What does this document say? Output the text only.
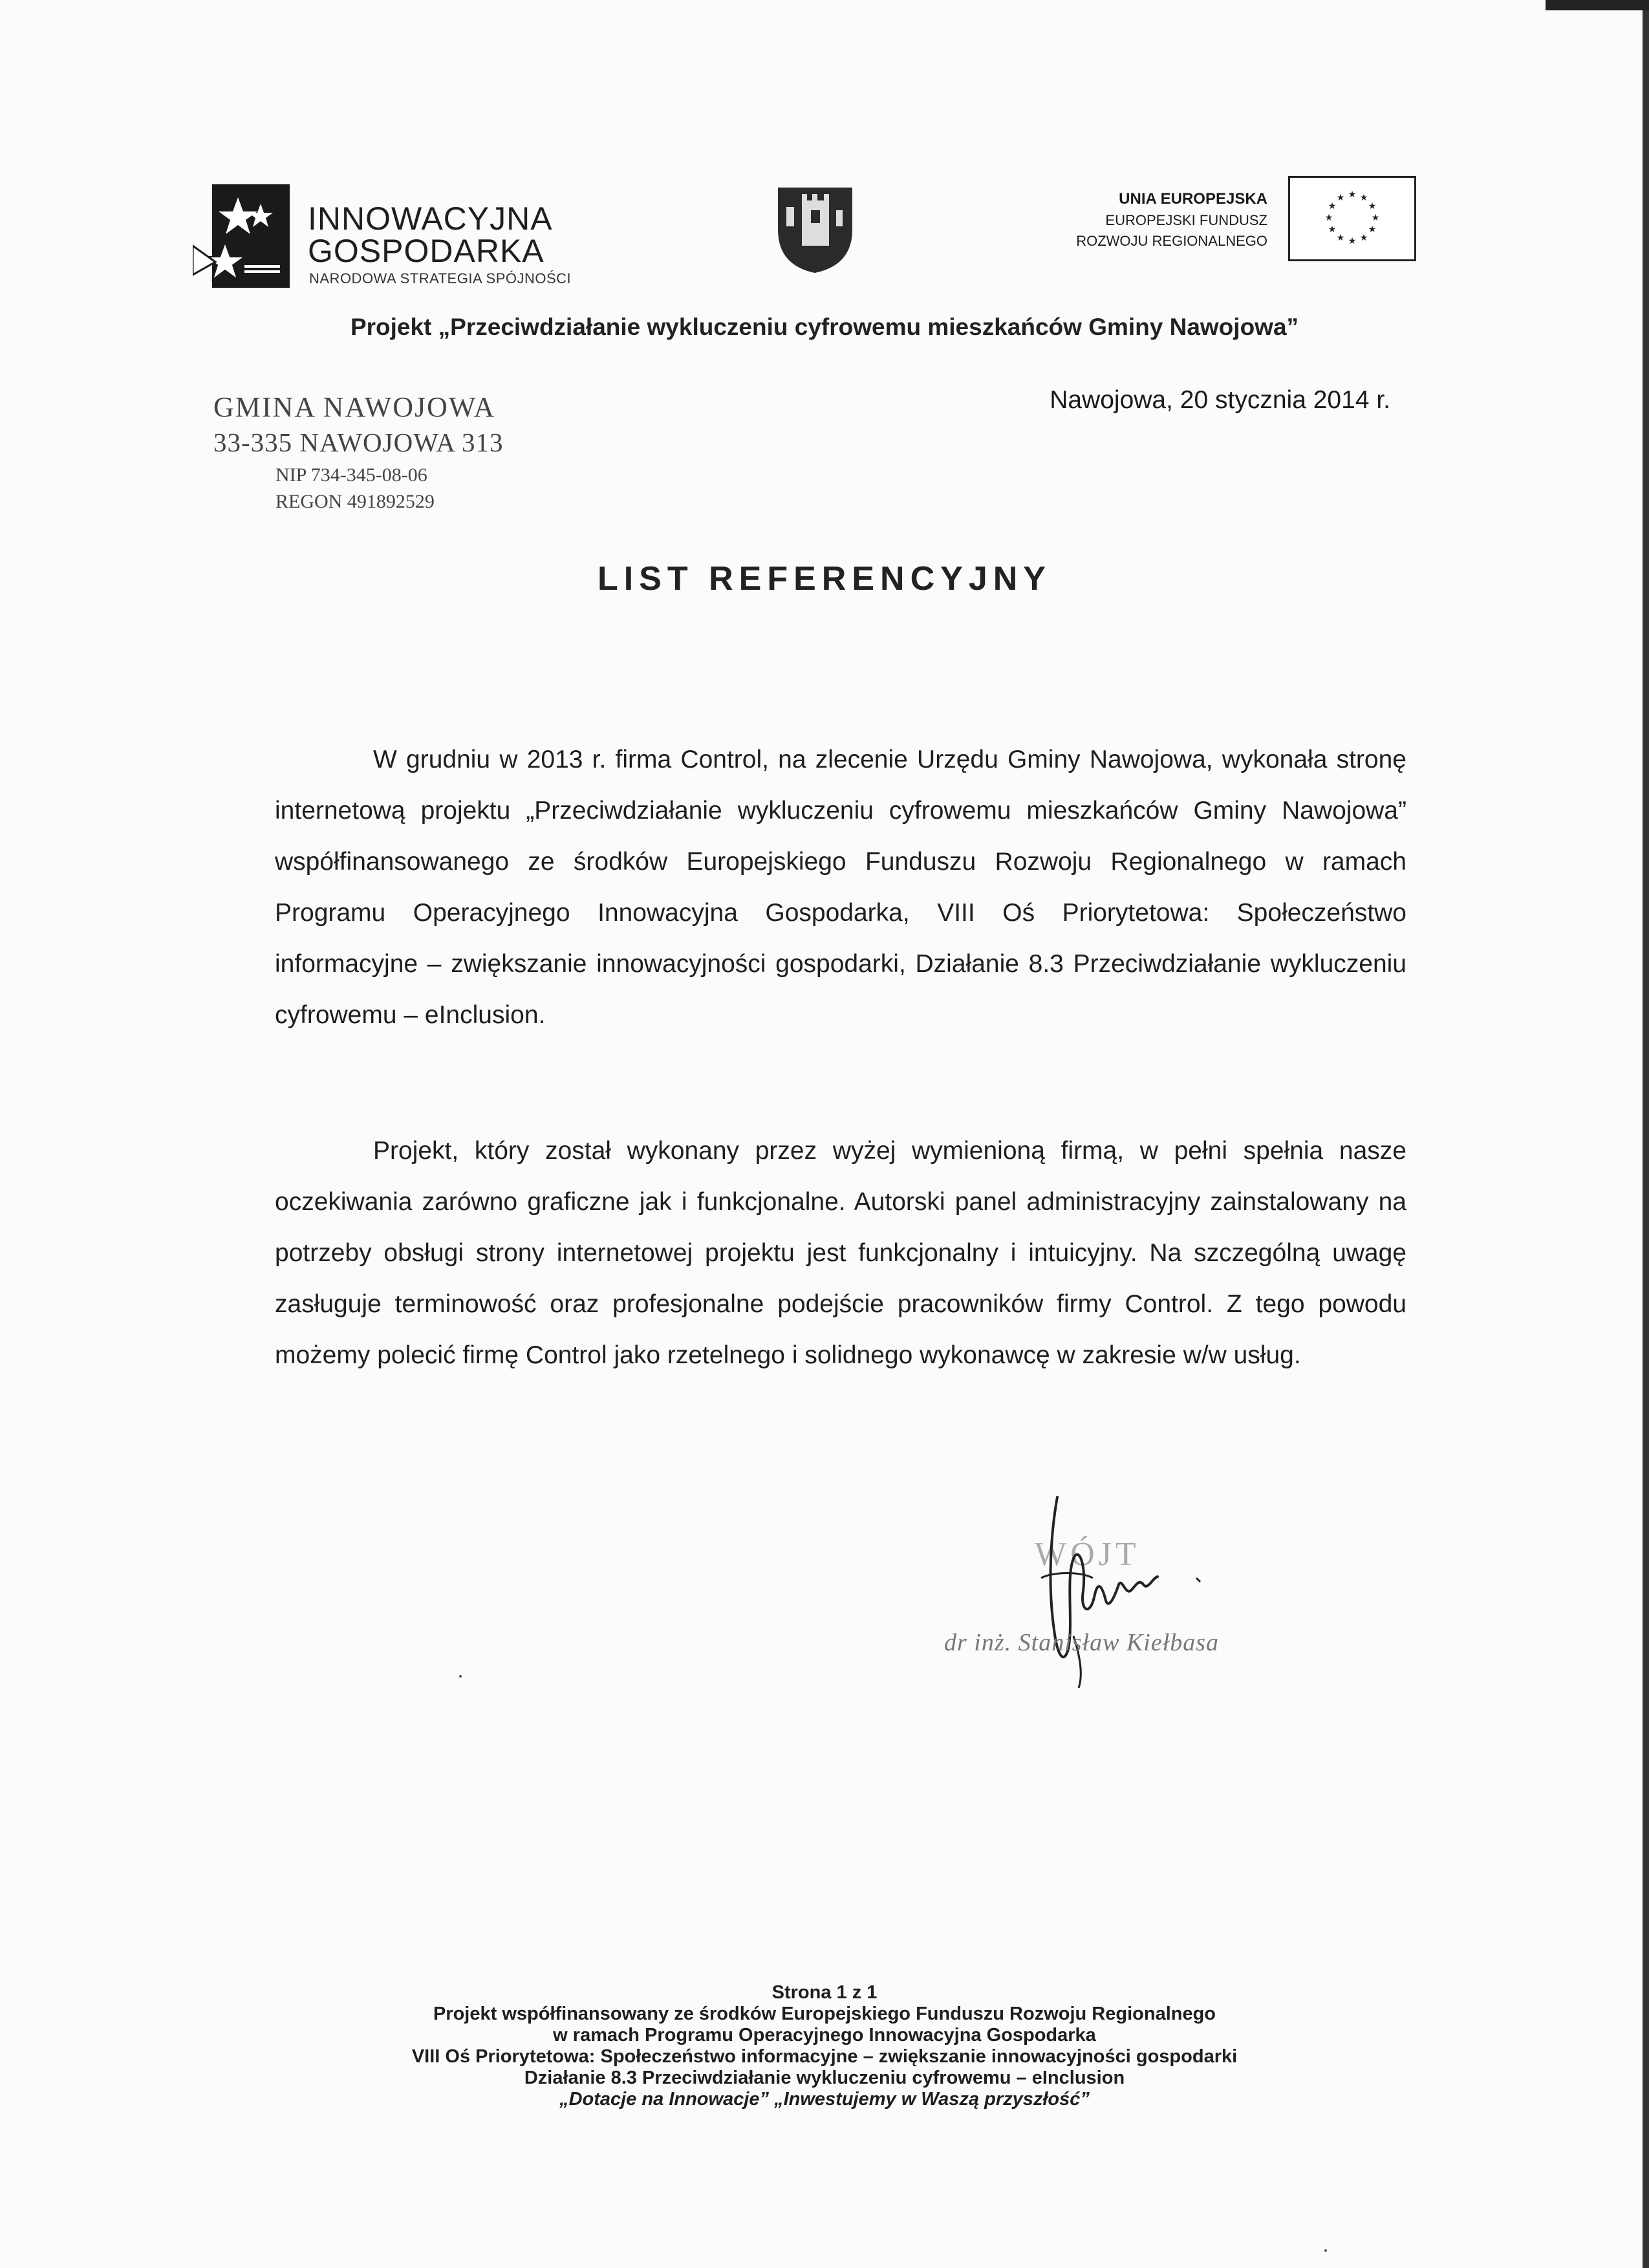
INNOWACYJNA
GOSPODARKA
NARODOWA STRATEGIA SPÓJNOŚCI
UNIA EUROPEJSKA
EUROPEJSKI FUNDUSZ
ROZWOJU REGIONALNEGO
★ ★
★
★
★
★
★
★
★
★
★
★
Projekt „Przeciwdziałanie wykluczeniu cyfrowemu mieszkańców Gminy Nawojowa”
GMINA NAWOJOWA
33-335 NAWOJOWA 313
NIP 734-345-08-06
REGON 491892529
Nawojowa, 20 stycznia 2014 r.
LIST REFERENCYJNY
W grudniu w 2013 r. firma Control, na zlecenie Urzędu Gminy Nawojowa, wykonała stronę internetową projektu „Przeciwdziałanie wykluczeniu cyfrowemu mieszkańców Gminy Nawojowa” współfinansowanego ze środków Europejskiego Funduszu Rozwoju Regionalnego w ramach Programu Operacyjnego Innowacyjna Gospodarka, VIII Oś Priorytetowa: Społeczeństwo informacyjne – zwiększanie innowacyjności gospodarki, Działanie 8.3 Przeciwdziałanie wykluczeniu cyfrowemu – eInclusion.
Projekt, który został wykonany przez wyżej wymienioną firmą, w pełni spełnia nasze oczekiwania zarówno graficzne jak i funkcjonalne. Autorski panel administracyjny zainstalowany na potrzeby obsługi strony internetowej projektu jest funkcjonalny i intuicyjny. Na szczególną uwagę zasługuje terminowość oraz profesjonalne podejście pracowników firmy Control. Z tego powodu możemy polecić firmę Control jako rzetelnego i solidnego wykonawcę w zakresie w/w usług.
WÓJT
dr inż. Stanisław Kiełbasa
Strona 1 z 1
Projekt współfinansowany ze środków Europejskiego Funduszu Rozwoju Regionalnego
w ramach Programu Operacyjnego Innowacyjna Gospodarka
VIII Oś Priorytetowa: Społeczeństwo informacyjne – zwiększanie innowacyjności gospodarki
Działanie 8.3 Przeciwdziałanie wykluczeniu cyfrowemu – eInclusion
„Dotacje na Innowacje” „Inwestujemy w Waszą przyszłość”
